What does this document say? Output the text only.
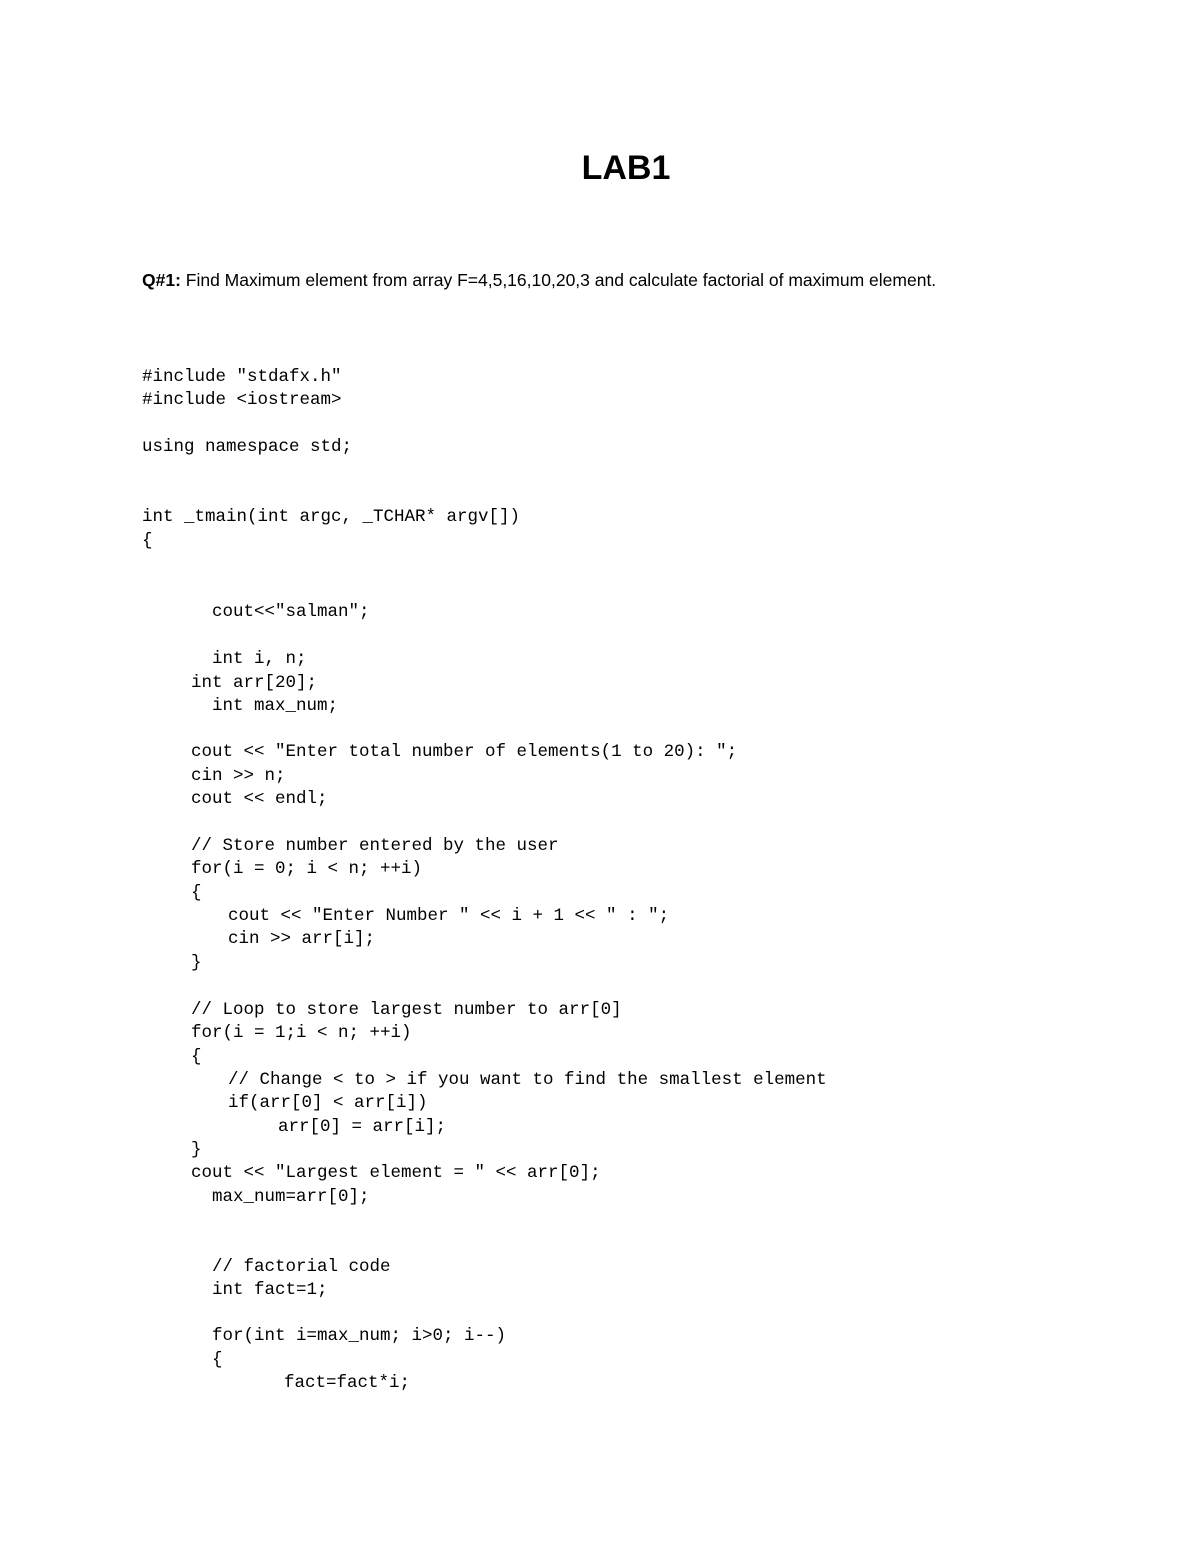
LAB1

Q#1: Find Maximum element from array F=4,5,16,10,20,3 and calculate factorial of maximum element.

#include "stdafx.h"

#include <iostream>

using namespace std;

int _tmain(int argc, _TCHAR* argv[])

{

cout<<"salman";

int i, n;

int arr[20];

int max_num;

cout << "Enter total number of elements(1 to 20): ";

cin >> n;

cout << endl;

// Store number entered by the user

for(i = 0; i < n; ++i)

{

cout << "Enter Number " << i + 1 << " : ";

cin >> arr[i];

}

// Loop to store largest number to arr[0]

for(i = 1;i < n; ++i)

{

// Change < to > if you want to find the smallest element

if(arr[0] < arr[i])

arr[0] = arr[i];

}

cout << "Largest element = " << arr[0];

max_num=arr[0];

// factorial code

int fact=1;

for(int i=max_num; i>0; i--)

{

fact=fact*i;
